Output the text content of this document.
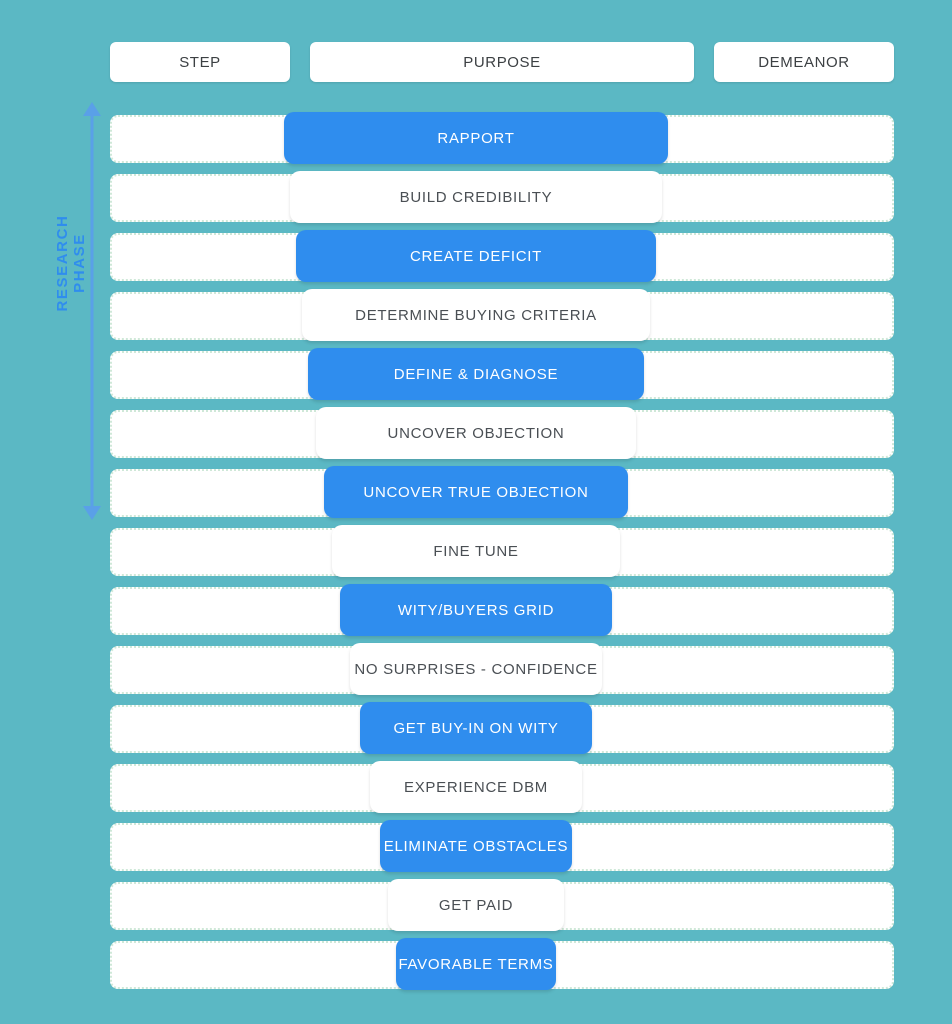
STEP	PURPOSE	DEMEANOR
RESEARCH PHASE
RAPPORT
BUILD CREDIBILITY
CREATE DEFICIT
DETERMINE BUYING CRITERIA
DEFINE & DIAGNOSE
UNCOVER OBJECTION
UNCOVER TRUE OBJECTION
FINE TUNE
WITY/BUYERS GRID
NO SURPRISES - CONFIDENCE
GET BUY-IN ON WITY
EXPERIENCE DBM
ELIMINATE OBSTACLES
GET PAID
FAVORABLE TERMS
